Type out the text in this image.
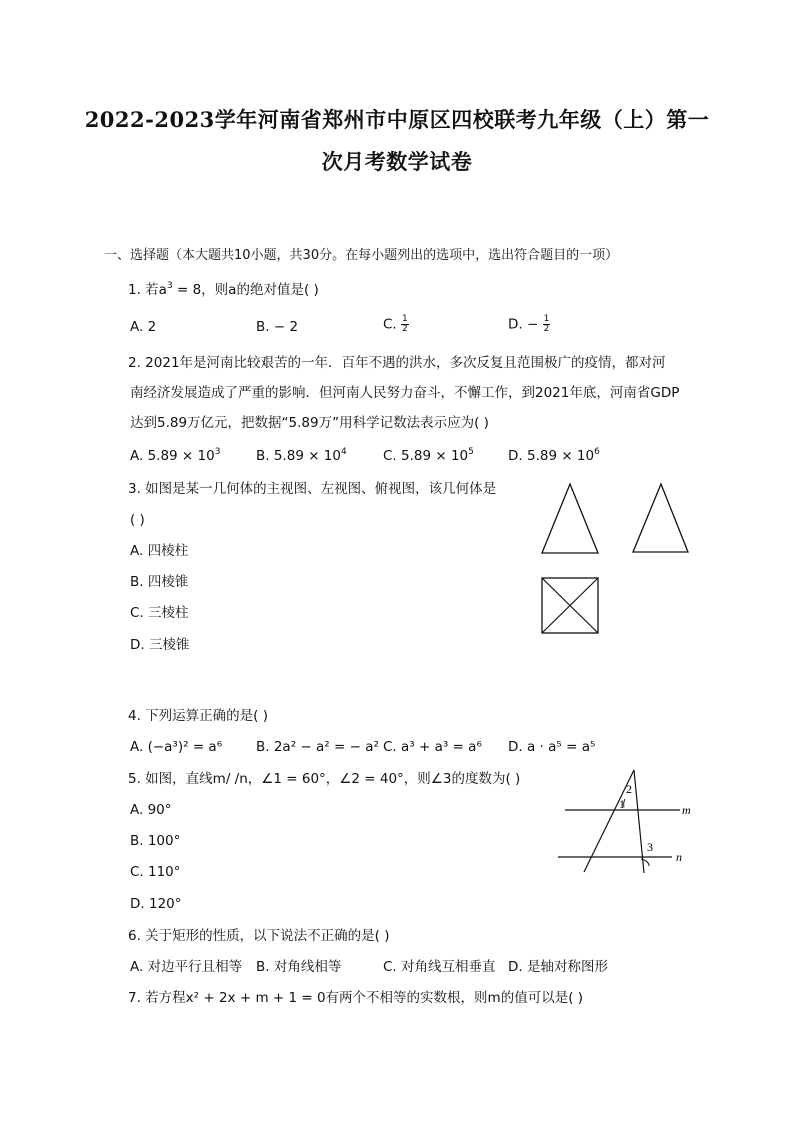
2022-2023学年河南省郑州市中原区四校联考九年级（上）第一
次月考数学试卷
一、选择题（本大题共10小题，共30分。在每小题列出的选项中，选出符合题目的一项）
1. 若$a^3 = 8$，则a的绝对值是( )
A. 2	B. − 2	C. $\frac{1}{2}$	D. − $\frac{1}{2}$
2. 2021年是河南比较艰苦的一年．百年不遇的洪水，多次反复且范围极广的疫情，都对河
南经济发展造成了严重的影响．但河南人民努力奋斗，不懈工作，到2021年底，河南省GDP
达到5.89万亿元，把数据“5.89万”用科学记数法表示应为( )
A. $5.89 \times 10^3$	B. $5.89 \times 10^4$	C. $5.89 \times 10^5$	D. $5.89 \times 10^6$
3. 如图是某一几何体的主视图、左视图、俯视图，该几何体是
( )
A. 四棱柱
B. 四棱锥
C. 三棱柱
D. 三棱锥
4. 下列运算正确的是( )
A. (−a³)² = a⁶	B. 2a² − a² = − a² C. a³ + a³ = a⁶ D. a · a⁵ = a⁵
5. 如图，直线m/ /n，∠1 = 60°，∠2 = 40°，则∠3的度数为( )
A. 90°
B. 100°
C. 110°
D. 120°
m
n
1
2
3
6. 关于矩形的性质，以下说法不正确的是( )
A. 对边平行且相等 B. 对角线相等	C. 对角线互相垂直 D. 是轴对称图形
7. 若方程x² + 2x + m + 1 = 0有两个不相等的实数根，则m的值可以是( )
